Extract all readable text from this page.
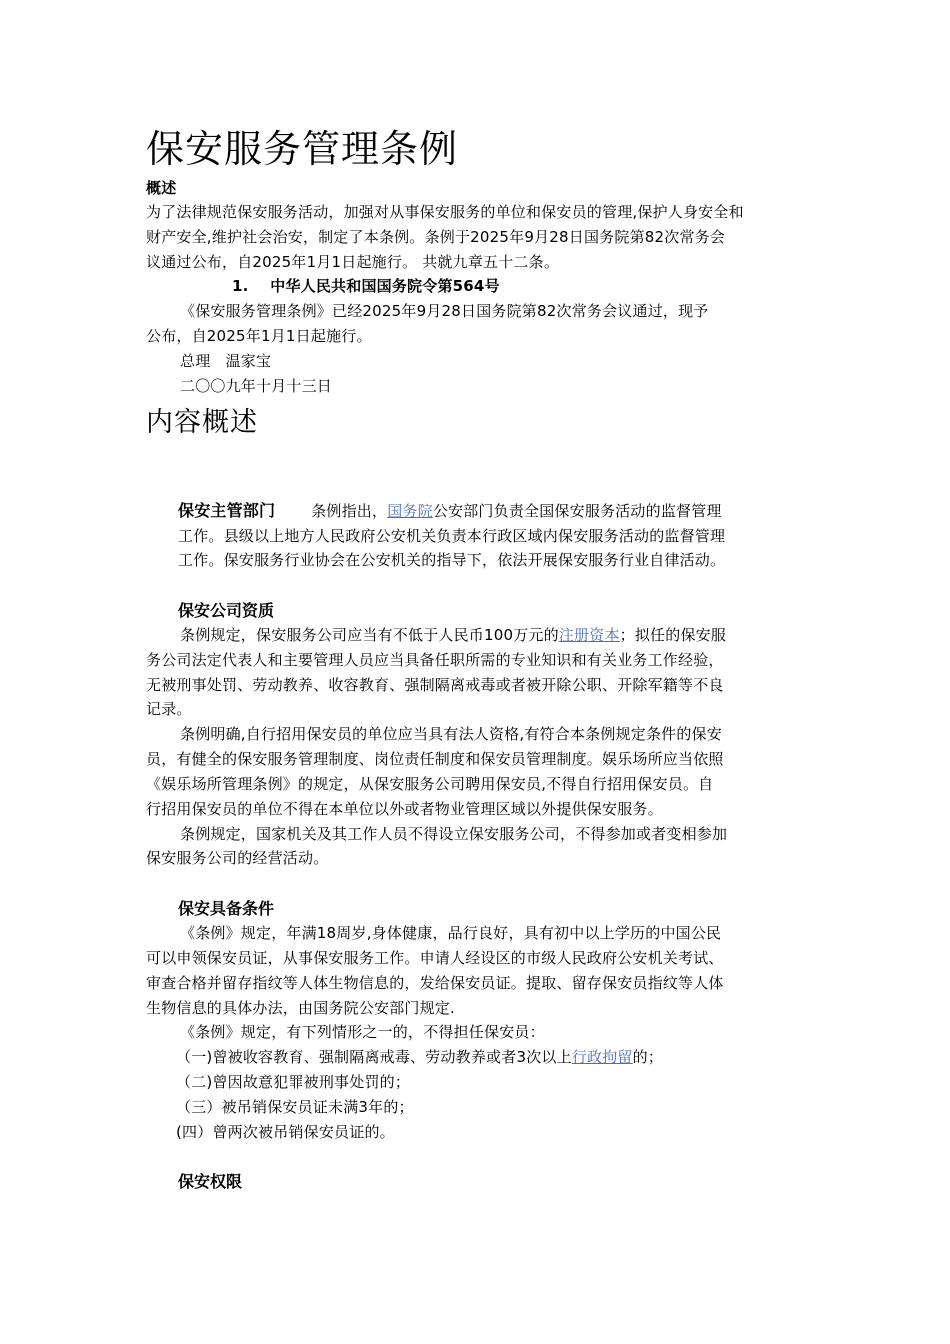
保安服务管理条例
概述
为了法律规范保安服务活动，加强对从事保安服务的单位和保安员的管理,保护人身安全和
财产安全,维护社会治安，制定了本条例。条例于2025年9月28日国务院第82次常务会
议通过公布，自2025年1月1日起施行。 共就九章五十二条。
1. 中华人民共和国国务院令第564号
《保安服务管理条例》已经2025年9月28日国务院第82次常务会议通过，现予
公布，自2025年1月1日起施行。
总理　温家宝
二〇〇九年十月十三日
内容概述
保安主管部门 条例指出，国务院公安部门负责全国保安服务活动的监督管理
工作。县级以上地方人民政府公安机关负责本行政区域内保安服务活动的监督管理
工作。保安服务行业协会在公安机关的指导下，依法开展保安服务行业自律活动。
保安公司资质
条例规定，保安服务公司应当有不低于人民币100万元的注册资本；拟任的保安服
务公司法定代表人和主要管理人员应当具备任职所需的专业知识和有关业务工作经验，
无被刑事处罚、劳动教养、收容教育、强制隔离戒毒或者被开除公职、开除军籍等不良
记录。
条例明确,自行招用保安员的单位应当具有法人资格,有符合本条例规定条件的保安
员，有健全的保安服务管理制度、岗位责任制度和保安员管理制度。娱乐场所应当依照
《娱乐场所管理条例》的规定，从保安服务公司聘用保安员,不得自行招用保安员。自
行招用保安员的单位不得在本单位以外或者物业管理区域以外提供保安服务。
条例规定，国家机关及其工作人员不得设立保安服务公司，不得参加或者变相参加
保安服务公司的经营活动。
保安具备条件
《条例》规定，年满18周岁,身体健康，品行良好，具有初中以上学历的中国公民
可以申领保安员证，从事保安服务工作。申请人经设区的市级人民政府公安机关考试、
审查合格并留存指纹等人体生物信息的，发给保安员证。提取、留存保安员指纹等人体
生物信息的具体办法，由国务院公安部门规定.
《条例》规定，有下列情形之一的，不得担任保安员：
（一)曾被收容教育、强制隔离戒毒、劳动教养或者3次以上行政拘留的；
（二)曾因故意犯罪被刑事处罚的；
（三）被吊销保安员证未满3年的；
(四）曾两次被吊销保安员证的。
保安权限
